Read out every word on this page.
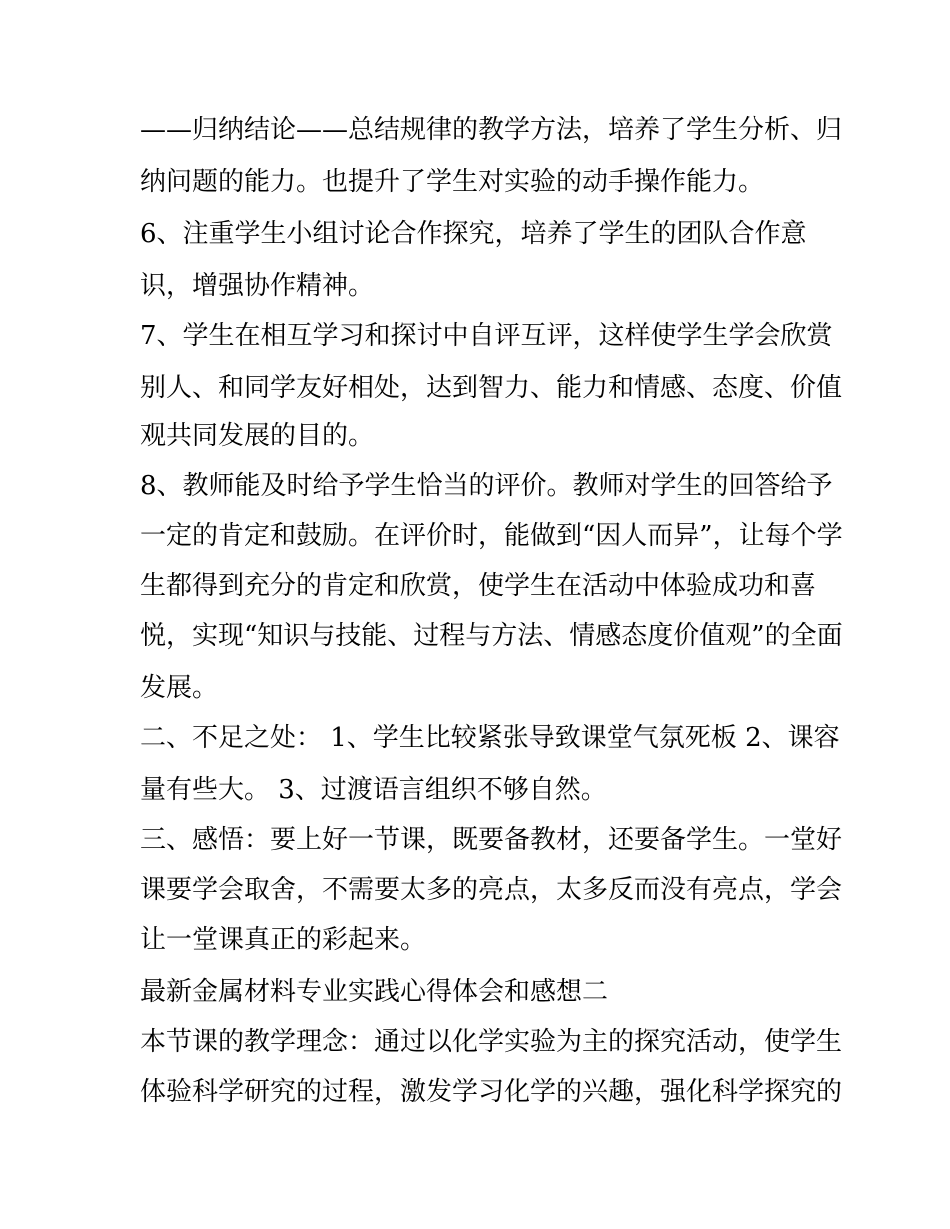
——归纳结论——总结规律的教学方法，培养了学生分析、归

纳问题的能力。也提升了学生对实验的动手操作能力。

6、注重学生小组讨论合作探究，培养了学生的团队合作意

识，增强协作精神。

7、学生在相互学习和探讨中自评互评，这样使学生学会欣赏

别人、和同学友好相处，达到智力、能力和情感、态度、价值

观共同发展的目的。

8、教师能及时给予学生恰当的评价。教师对学生的回答给予

一定的肯定和鼓励。在评价时，能做到“因人而异”，让每个学

生都得到充分的肯定和欣赏，使学生在活动中体验成功和喜

悦，实现“知识与技能、过程与方法、情感态度价值观”的全面

发展。

二、不足之处： 1、学生比较紧张导致课堂气氛死板 2、课容

量有些大。 3、过渡语言组织不够自然。

三、感悟：要上好一节课，既要备教材，还要备学生。一堂好

课要学会取舍，不需要太多的亮点，太多反而没有亮点，学会

让一堂课真正的彩起来。

最新金属材料专业实践心得体会和感想二

本节课的教学理念：通过以化学实验为主的探究活动，使学生

体验科学研究的过程，激发学习化学的兴趣，强化科学探究的
